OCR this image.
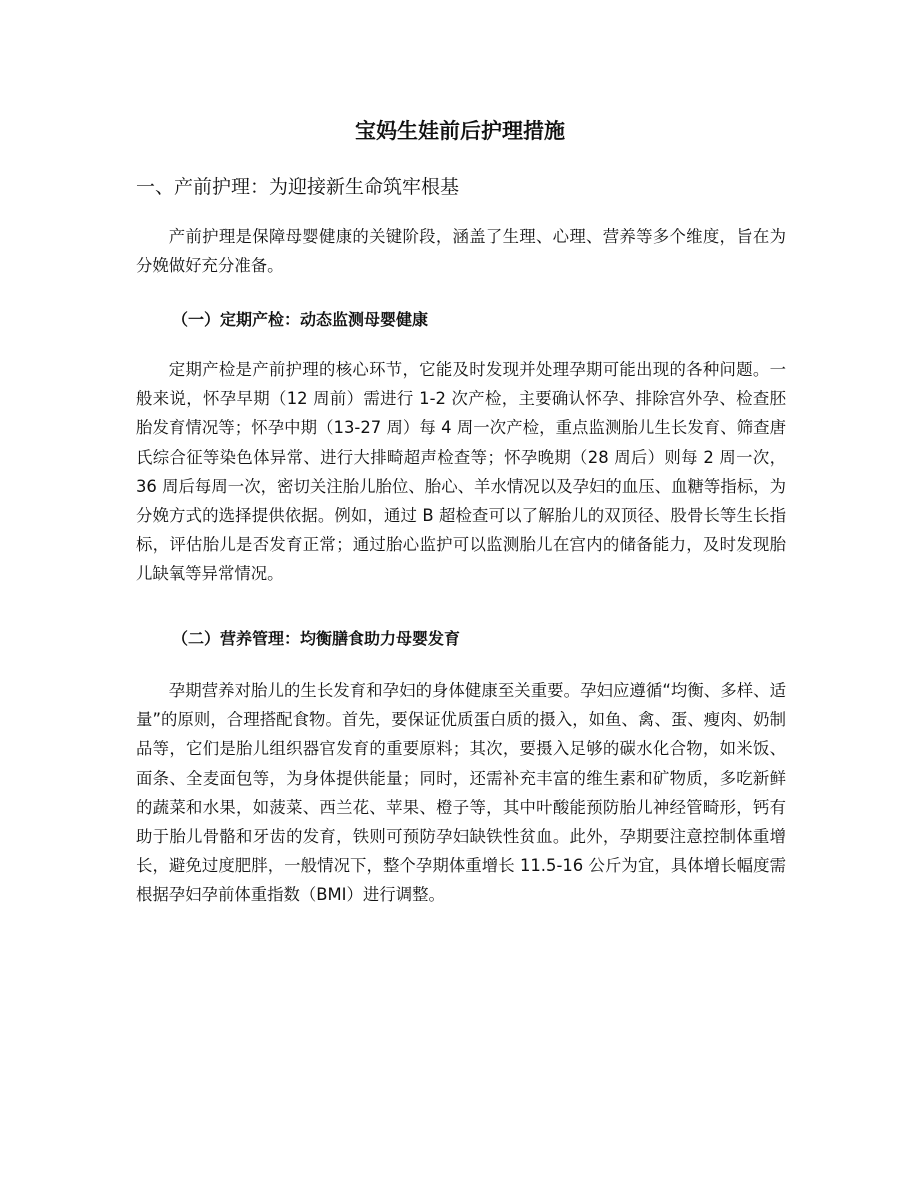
宝妈生娃前后护理措施
一、产前护理：为迎接新生命筑牢根基

产前护理是保障母婴健康的关键阶段，涵盖了生理、心理、营养等多个维度，旨在为分娩做好充分准备。

（一）定期产检：动态监测母婴健康

定期产检是产前护理的核心环节，它能及时发现并处理孕期可能出现的各种问题。一般来说，怀孕早期（12 周前）需进行 1-2 次产检，主要确认怀孕、排除宫外孕、检查胚胎发育情况等；怀孕中期（13-27 周）每 4 周一次产检，重点监测胎儿生长发育、筛查唐氏综合征等染色体异常、进行大排畸超声检查等；怀孕晚期（28 周后）则每 2 周一次，36 周后每周一次，密切关注胎儿胎位、胎心、羊水情况以及孕妇的血压、血糖等指标，为分娩方式的选择提供依据。例如，通过 B 超检查可以了解胎儿的双顶径、股骨长等生长指标，评估胎儿是否发育正常；通过胎心监护可以监测胎儿在宫内的储备能力，及时发现胎儿缺氧等异常情况。

（二）营养管理：均衡膳食助力母婴发育

孕期营养对胎儿的生长发育和孕妇的身体健康至关重要。孕妇应遵循“均衡、多样、适量”的原则，合理搭配食物。首先，要保证优质蛋白质的摄入，如鱼、禽、蛋、瘦肉、奶制品等，它们是胎儿组织器官发育的重要原料；其次，要摄入足够的碳水化合物，如米饭、面条、全麦面包等，为身体提供能量；同时，还需补充丰富的维生素和矿物质，多吃新鲜的蔬菜和水果，如菠菜、西兰花、苹果、橙子等，其中叶酸能预防胎儿神经管畸形，钙有助于胎儿骨骼和牙齿的发育，铁则可预防孕妇缺铁性贫血。此外，孕期要注意控制体重增长，避免过度肥胖，一般情况下，整个孕期体重增长 11.5-16 公斤为宜，具体增长幅度需根据孕妇孕前体重指数（BMI）进行调整。
